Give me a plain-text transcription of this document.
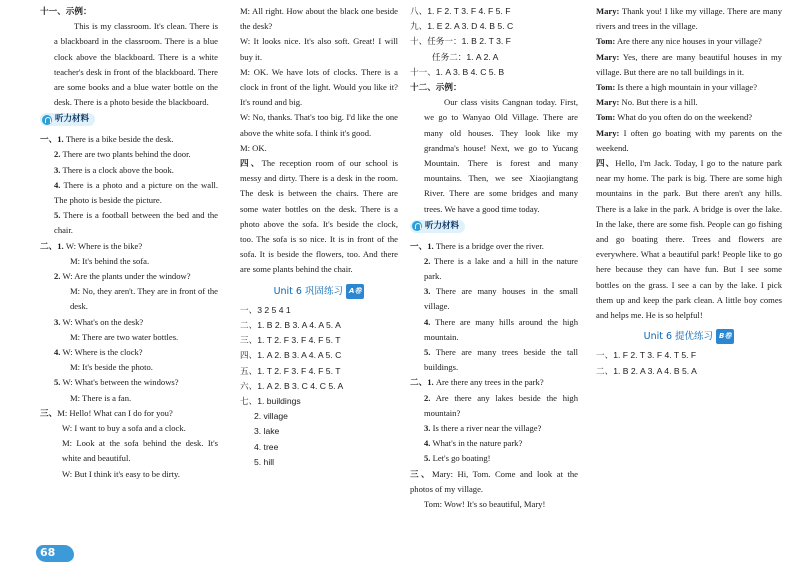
十一、示例：

This is my classroom. It's clean. There is a blackboard in the classroom. There is a blue clock above the blackboard. There is a white teacher's desk in front of the blackboard. There are some books and a blue water bottle on the desk. There is a photo beside the blackboard.

听力材料

一、1. There is a bike beside the desk.

2. There are two plants behind the door.

3. There is a clock above the book.

4. There is a photo and a picture on the wall. The photo is beside the picture.

5. There is a football between the bed and the chair.

二、1. W: Where is the bike?

M: It's behind the sofa.

2. W: Are the plants under the window?

M: No, they aren't. They are in front of the desk.

3. W: What's on the desk?

M: There are two water bottles.

4. W: Where is the clock?

M: It's beside the photo.

5. W: What's between the windows?

M: There is a fan.

三、M: Hello! What can I do for you?

W: I want to buy a sofa and a clock.

M: Look at the sofa behind the desk. It's white and beautiful.

W: But I think it's easy to be dirty.

M: All right. How about the black one beside the desk?

W: It looks nice. It's also soft. Great! I will buy it.

M: OK. We have lots of clocks. There is a clock in front of the light. Would you like it? It's round and big.

W: No, thanks. That's too big. I'd like the one above the white sofa. I think it's good.

M: OK.

四、The reception room of our school is messy and dirty. There is a desk in the room. The desk is between the chairs. There are some water bottles on the desk. There is a photo above the sofa. It's beside the clock, too. The sofa is so nice. It is in front of the sofa. It is beside the flowers, too. And there are some plants behind the chair.

Unit 6 巩固练习 A卷

一、3 2 5 4 1

二、1. B 2. B 3. A 4. A 5. A

三、1. T 2. F 3. F 4. F 5. T

四、1. A 2. B 3. A 4. A 5. C

五、1. T 2. F 3. F 4. F 5. T

六、1. A 2. B 3. C 4. C 5. A

七、1. buildings

2. village

3. lake

4. tree

5. hill

八、1. F 2. T 3. F 4. F 5. F

九、1. E 2. A 3. D 4. B 5. C

十、任务一：1. B 2. T 3. F

任务二：1. A 2. A

十一、1. A 3. B 4. C 5. B

十二、示例：

Our class visits Cangnan today. First, we go to Wanyao Old Village. There are many old houses. They look like my grandma's house! Next, we go to Yucang Mountain. There is forest and many mountains. Then, we see Xiaojiangtang River. There are some bridges and many trees. We have a good time today.

听力材料

一、1. There is a bridge over the river.

2. There is a lake and a hill in the nature park.

3. There are many houses in the small village.

4. There are many hills around the high mountain.

5. There are many trees beside the tall buildings.

二、1. Are there any trees in the park?

2. Are there any lakes beside the high mountain?

3. Is there a river near the village?

4. What's in the nature park?

5. Let's go boating!

三、Mary: Hi, Tom. Come and look at the photos of my village.

Tom: Wow! It's so beautiful, Mary!

Mary: Thank you! I like my village. There are many rivers and trees in the village.

Tom: Are there any nice houses in your village?

Mary: Yes, there are many beautiful houses in my village. But there are no tall buildings in it.

Tom: Is there a high mountain in your village?

Mary: No. But there is a hill.

Tom: What do you often do on the weekend?

Mary: I often go boating with my parents on the weekend.

四、Hello, I'm Jack. Today, I go to the nature park near my home. The park is big. There are some high mountains in the park. But there aren't any hills. There is a lake in the park. A bridge is over the lake. In the lake, there are some fish. People can go fishing and go boating there. Trees and flowers are everywhere. What a beautiful park! People like to go here because they can have fun. But I see some bottles on the grass. I see a can by the lake. I pick them up and keep the park clean. A little boy comes and helps me. He is so helpful!

Unit 6 提优练习 B卷

一、1. F 2. T 3. F 4. T 5. F

二、1. B 2. A 3. A 4. B 5. A

68
